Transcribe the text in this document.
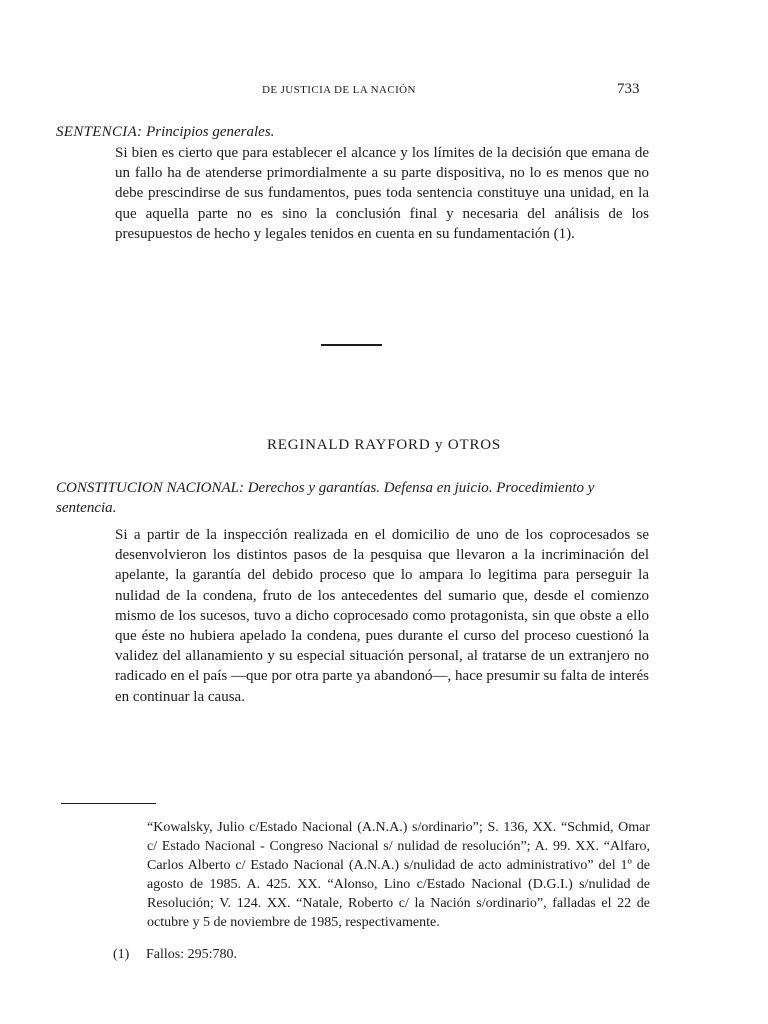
DE JUSTICIA DE LA NACIÓN	733
SENTENCIA: Principios generales.

Si bien es cierto que para establecer el alcance y los límites de la decisión que emana de un fallo ha de atenderse primordialmente a su parte dispositiva, no lo es menos que no debe prescindirse de sus fundamentos, pues toda sentencia constituye una unidad, en la que aquella parte no es sino la conclusión final y necesaria del análisis de los presupuestos de hecho y legales tenidos en cuenta en su fundamentación (1).

REGINALD RAYFORD y OTROS
CONSTITUCION NACIONAL: Derechos y garantías. Defensa en juicio. Procedimiento y sentencia.

Si a partir de la inspección realizada en el domicilio de uno de los coprocesados se desenvolvieron los distintos pasos de la pesquisa que llevaron a la incriminación del apelante, la garantía del debido proceso que lo ampara lo legitima para perseguir la nulidad de la condena, fruto de los antecedentes del sumario que, desde el comienzo mismo de los sucesos, tuvo a dicho coprocesado como protagonista, sin que obste a ello que éste no hubiera apelado la condena, pues durante el curso del proceso cuestionó la validez del allanamiento y su especial situación personal, al tratarse de un extranjero no radicado en el país —que por otra parte ya abandonó—, hace presumir su falta de interés en continuar la causa.

“Kowalsky, Julio c/Estado Nacional (A.N.A.) s/ordinario”; S. 136, XX. “Schmid, Omar c/ Estado Nacional - Congreso Nacional s/ nulidad de resolución”; A. 99. XX. “Alfaro, Carlos Alberto c/ Estado Nacional (A.N.A.) s/nulidad de acto administrativo” del 1º de agosto de 1985. A. 425. XX. “Alonso, Lino c/Estado Nacional (D.G.I.) s/nulidad de Resolución; V. 124. XX. “Natale, Roberto c/ la Nación s/ordinario”, falladas el 22 de octubre y 5 de noviembre de 1985, respectivamente.

(1) Fallos: 295:780.
